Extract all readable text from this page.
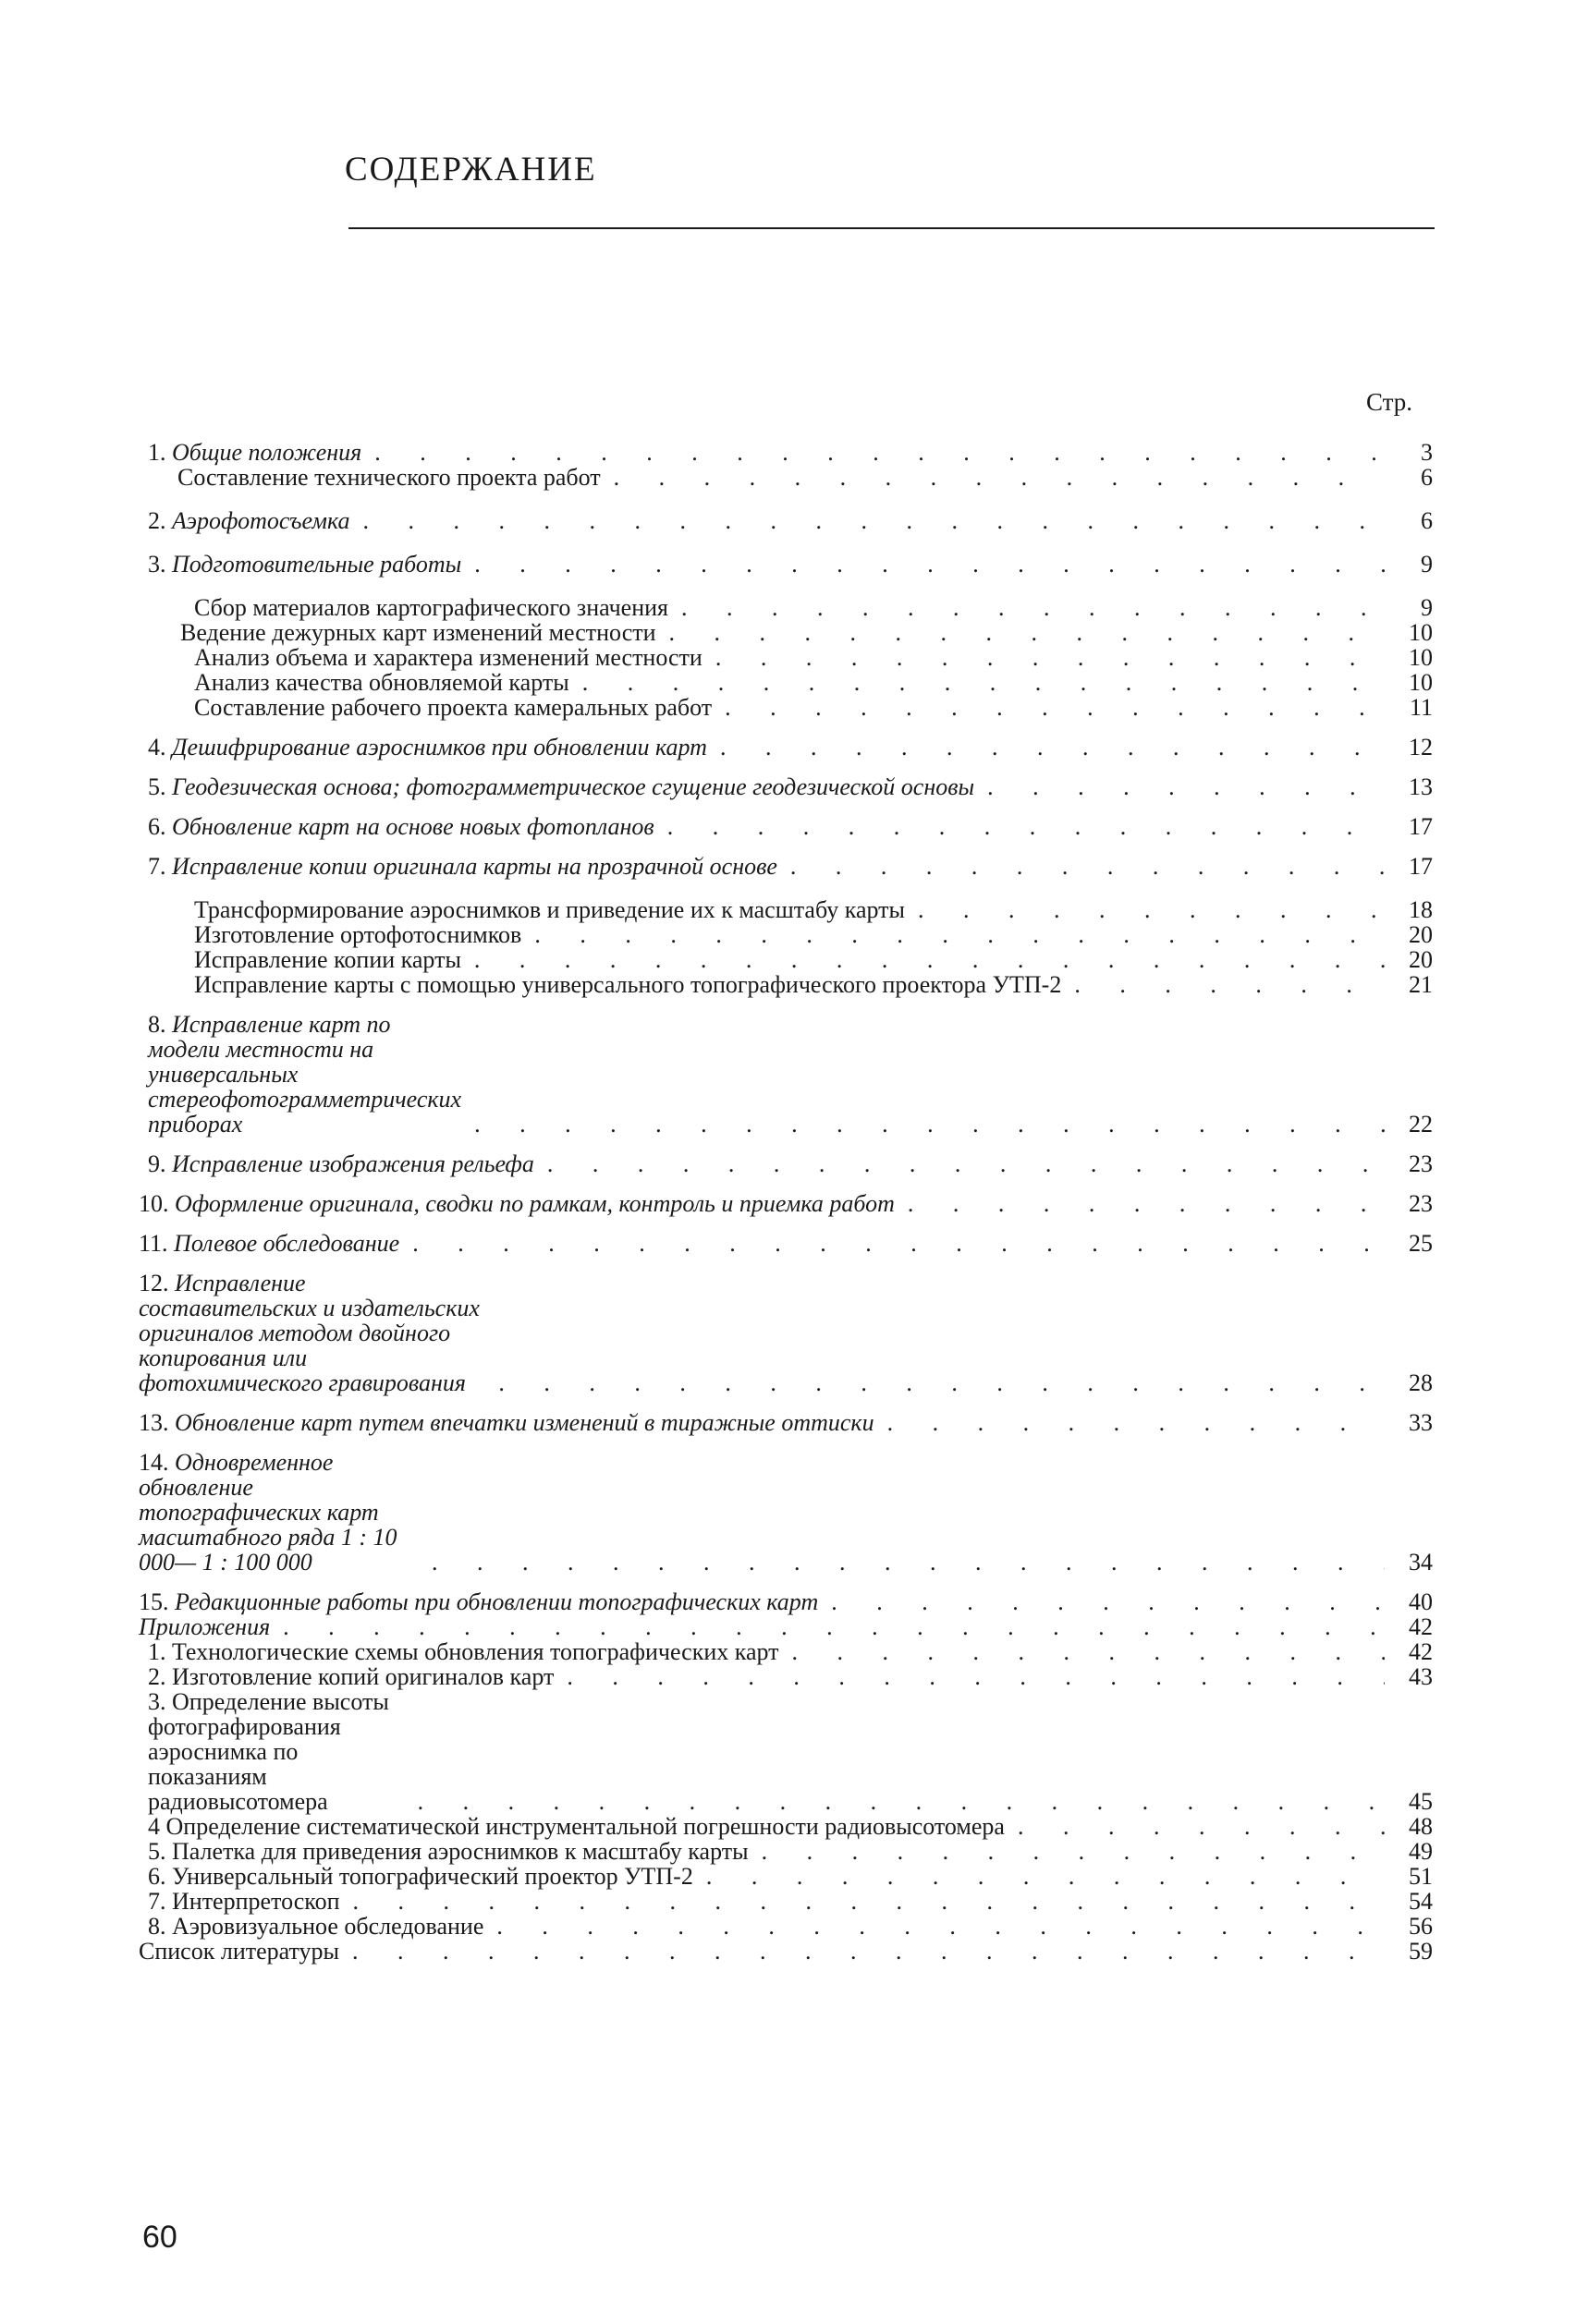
СОДЕРЖАНИЕ
Стр.
1. Общие положения . . .	3
Составление технического проекта работ . . .	6
2. Аэрофотосъемка . . .	6
3. Подготовительные работы . . .	9
Сбор материалов картографического значения . . .	9
Ведение дежурных карт изменений местности . . .	10
Анализ объема и характера изменений местности . . .	10
Анализ качества обновляемой карты . . .	10
Составление рабочего проекта камеральных работ . . .	11
4. Дешифрирование аэроснимков при обновлении карт . . .	12
5. Геодезическая основа; фотограмметрическое сгущение геодезической основы . . .	13
6. Обновление карт на основе новых фотопланов . . .	17
7. Исправление копии оригинала карты на прозрачной основе . . .	17
Трансформирование аэроснимков и приведение их к масштабу карты . . .	18
Изготовление ортофотоснимков . . .	20
Исправление копии карты . . .	20
Исправление карты с помощью универсального топографического проектора УТП-2 . . .	21
8. Исправление карт по модели местности на универсальных стереофотограмметрических приборах . . .	22
9. Исправление изображения рельефа . . .	23
10. Оформление оригинала, сводки по рамкам, контроль и приемка работ . . .	23
11. Полевое обследование . . .	25
12. Исправление составительских и издательских оригиналов методом двойного копирования или фотохимического гравирования . . .	28
13. Обновление карт путем впечатки изменений в тиражные оттиски . . .	33
14. Одновременное обновление топографических карт масштабного ряда 1 : 10 000— 1 : 100 000 . . .	34
15. Редакционные работы при обновлении топографических карт . . .	40
Приложения . . .	42
1. Технологические схемы обновления топографических карт . . .	42
2. Изготовление копий оригиналов карт . . .	43
3. Определение высоты фотографирования аэроснимка по показаниям радиовысотомера . . .	45
4 Определение систематической инструментальной погрешности радиовысотомера . . .	48
5. Палетка для приведения аэроснимков к масштабу карты . . .	49
6. Универсальный топографический проектор УТП-2 . . .	51
7. Интерпретоскоп . . .	54
8. Аэровизуальное обследование . . .	56
Список литературы . . .	59
60
